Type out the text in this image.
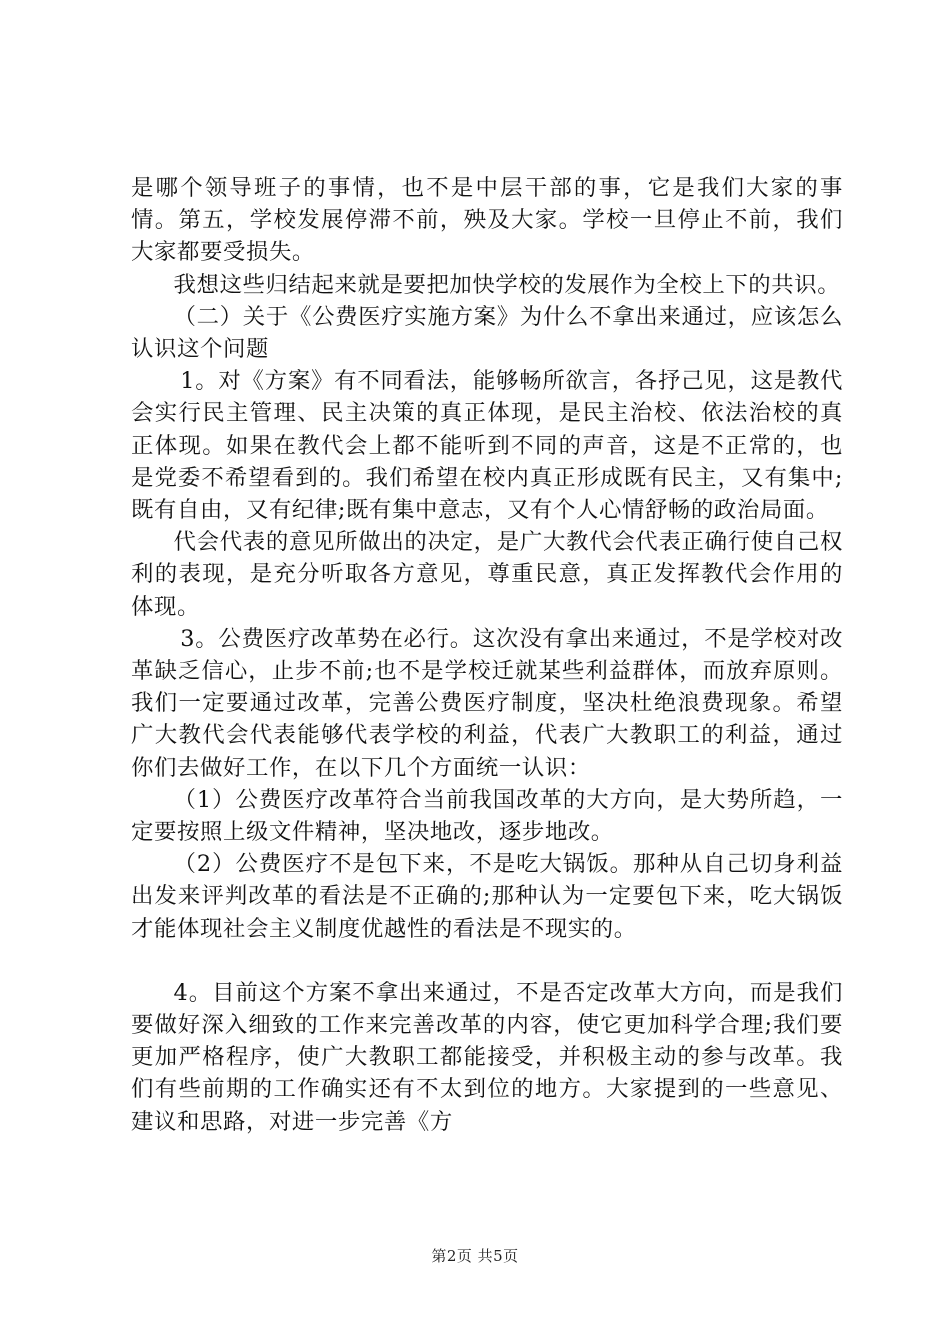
是哪个领导班子的事情，也不是中层干部的事，它是我们大家的事情。第五，学校发展停滞不前，殃及大家。学校一旦停止不前，我们大家都要受损失。

我想这些归结起来就是要把加快学校的发展作为全校上下的共识。

（二）关于《公费医疗实施方案》为什么不拿出来通过，应该怎么认识这个问题

1。对《方案》有不同看法，能够畅所欲言，各抒己见，这是教代会实行民主管理、民主决策的真正体现，是民主治校、依法治校的真正体现。如果在教代会上都不能听到不同的声音，这是不正常的，也是党委不希望看到的。我们希望在校内真正形成既有民主，又有集中;既有自由，又有纪律;既有集中意志，又有个人心情舒畅的政治局面。

代会代表的意见所做出的决定，是广大教代会代表正确行使自己权利的表现，是充分听取各方意见，尊重民意，真正发挥教代会作用的体现。

3。公费医疗改革势在必行。这次没有拿出来通过，不是学校对改革缺乏信心，止步不前;也不是学校迁就某些利益群体，而放弃原则。我们一定要通过改革，完善公费医疗制度，坚决杜绝浪费现象。希望广大教代会代表能够代表学校的利益，代表广大教职工的利益，通过你们去做好工作，在以下几个方面统一认识：

（1）公费医疗改革符合当前我国改革的大方向，是大势所趋，一定要按照上级文件精神，坚决地改，逐步地改。

（2）公费医疗不是包下来，不是吃大锅饭。那种从自己切身利益出发来评判改革的看法是不正确的;那种认为一定要包下来，吃大锅饭才能体现社会主义制度优越性的看法是不现实的。

4。目前这个方案不拿出来通过，不是否定改革大方向，而是我们要做好深入细致的工作来完善改革的内容，使它更加科学合理;我们要更加严格程序，使广大教职工都能接受，并积极主动的参与改革。我们有些前期的工作确实还有不太到位的地方。大家提到的一些意见、建议和思路，对进一步完善《方

第2页 共5页
